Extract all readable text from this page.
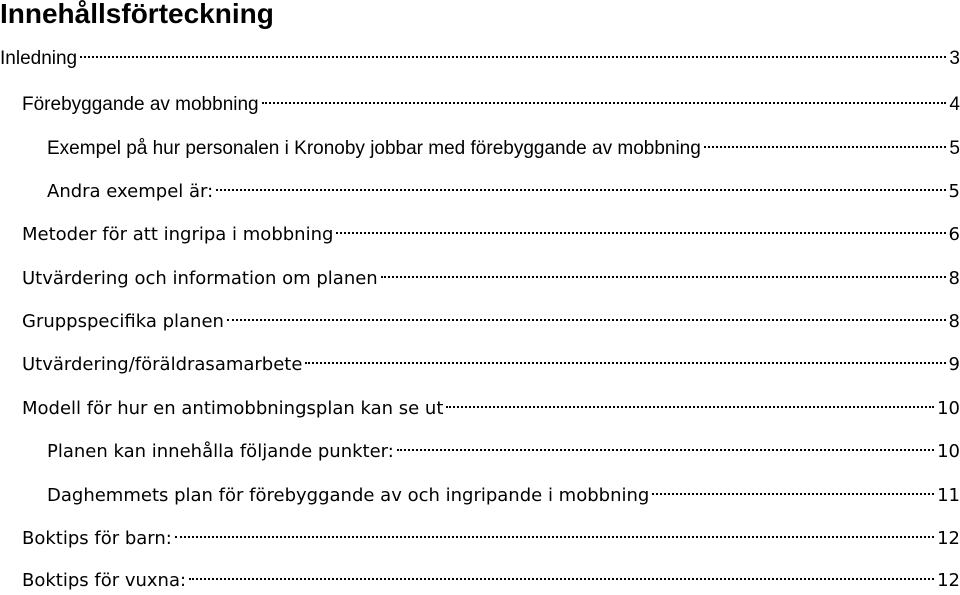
Innehållsförteckning
Inledning	3
Förebyggande av mobbning	4
Exempel på hur personalen i Kronoby jobbar med förebyggande av mobbning	5
Andra exempel är:	5
Metoder för att ingripa i mobbning	6
Utvärdering och information om planen	8
Gruppspecifika planen	8
Utvärdering/föräldrasamarbete	9
Modell för hur en antimobbningsplan kan se ut	10
Planen kan innehålla följande punkter:	10
Daghemmets plan för förebyggande av och ingripande i mobbning	11
Boktips för barn:	12
Boktips för vuxna:	12
